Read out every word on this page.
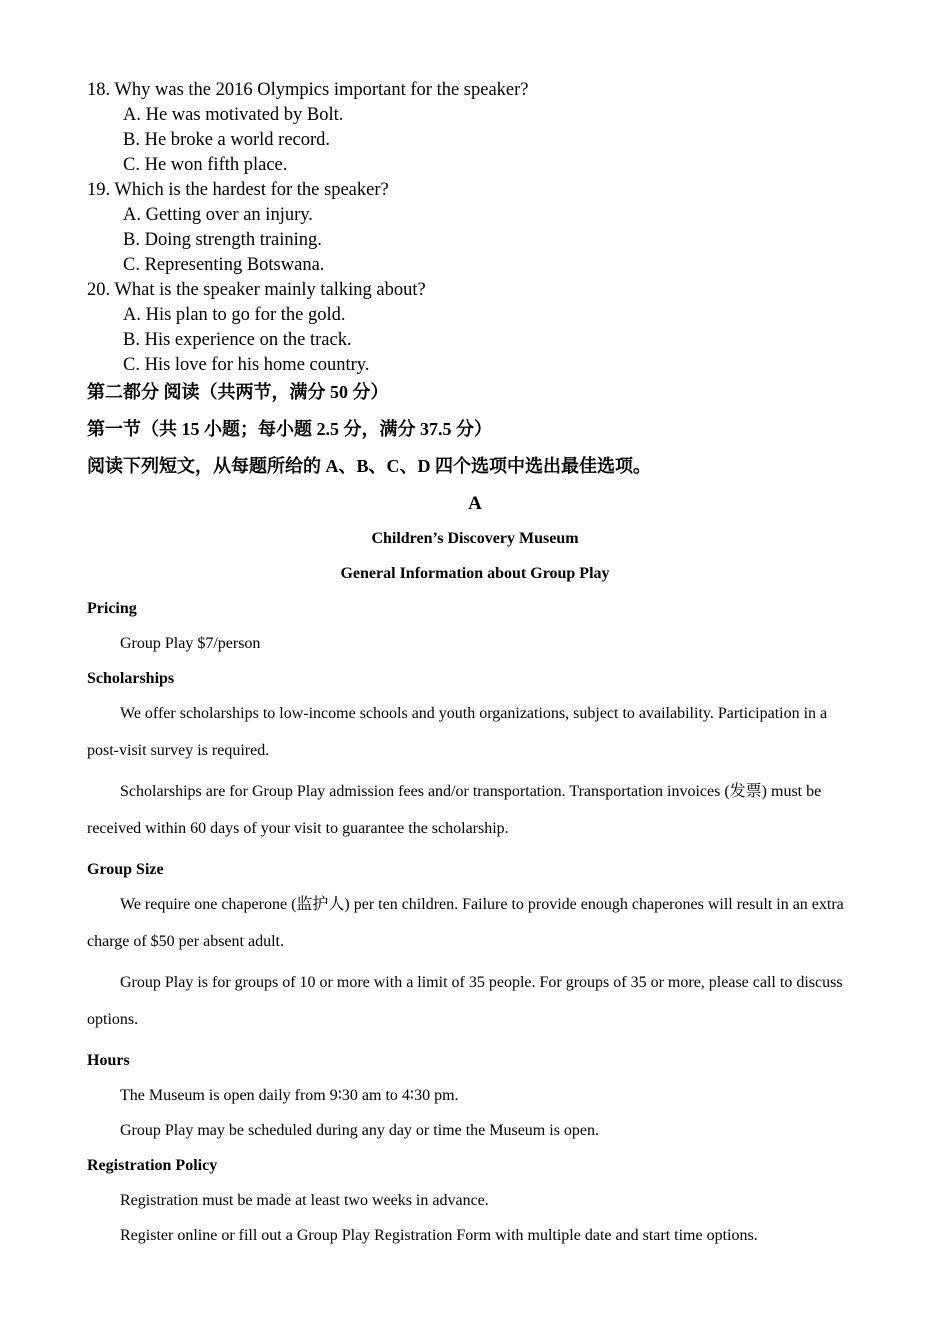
18. Why was the 2016 Olympics important for the speaker?
A. He was motivated by Bolt.
B. He broke a world record.
C. He won fifth place.
19. Which is the hardest for the speaker?
A. Getting over an injury.
B. Doing strength training.
C. Representing Botswana.
20. What is the speaker mainly talking about?
A. His plan to go for the gold.
B. His experience on the track.
C. His love for his home country.
第二都分 阅读（共两节，满分 50 分）
第一节（共 15 小题；每小题 2.5 分，满分 37.5 分）
阅读下列短文，从每题所给的 A、B、C、D 四个选项中选出最佳选项。
A
Children’s Discovery Museum
General Information about Group Play
Pricing
Group Play $7/person
Scholarships
We offer scholarships to low-income schools and youth organizations, subject to availability. Participation in a post-visit survey is required.
Scholarships are for Group Play admission fees and/or transportation. Transportation invoices (发票) must be received within 60 days of your visit to guarantee the scholarship.
Group Size
We require one chaperone (监护人) per ten children. Failure to provide enough chaperones will result in an extra charge of $50 per absent adult.
Group Play is for groups of 10 or more with a limit of 35 people. For groups of 35 or more, please call to discuss options.
Hours
The Museum is open daily from 9∶30 am to 4∶30 pm.
Group Play may be scheduled during any day or time the Museum is open.
Registration Policy
Registration must be made at least two weeks in advance.
Register online or fill out a Group Play Registration Form with multiple date and start time options.
